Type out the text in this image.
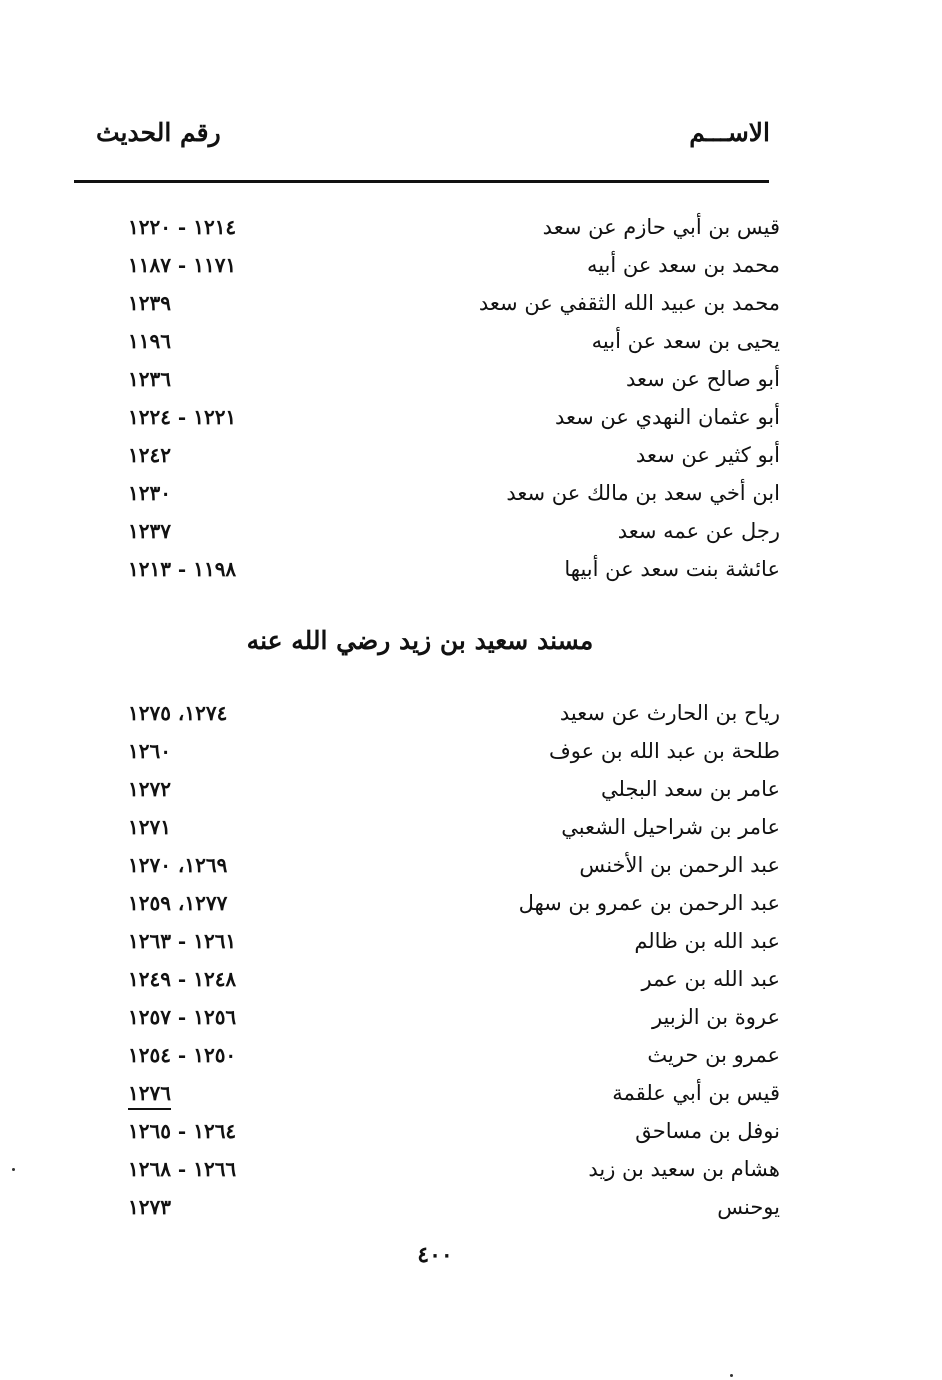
الاســـم
رقم الحديث
قيس بن أبي حازم عن سعد
١٢١٤ - ١٢٢٠
محمد بن سعد عن أبيه
١١٧١ - ١١٨٧
محمد بن عبيد الله الثقفي عن سعد
١٢٣٩
يحيى بن سعد عن أبيه
١١٩٦
أبو صالح عن سعد
١٢٣٦
أبو عثمان النهدي عن سعد
١٢٢١ - ١٢٢٤
أبو كثير عن سعد
١٢٤٢
ابن أخي سعد بن مالك عن سعد
١٢٣٠
رجل عن عمه سعد
١٢٣٧
عائشة بنت سعد عن أبيها
١١٩٨ - ١٢١٣
مسند سعيد بن زيد رضي الله عنه
رياح بن الحارث عن سعيد
١٢٧٤، ١٢٧٥
طلحة بن عبد الله بن عوف
١٢٦٠
عامر بن سعد البجلي
١٢٧٢
عامر بن شراحيل الشعبي
١٢٧١
عبد الرحمن بن الأخنس
١٢٦٩، ١٢٧٠
عبد الرحمن بن عمرو بن سهل
١٢٧٧، ١٢٥٩
عبد الله بن ظالم
١٢٦١ - ١٢٦٣
عبد الله بن عمر
١٢٤٨ - ١٢٤٩
عروة بن الزبير
١٢٥٦ - ١٢٥٧
عمرو بن حريث
١٢٥٠ - ١٢٥٤
قيس بن أبي علقمة
١٢٧٦
نوفل بن مساحق
١٢٦٤ - ١٢٦٥
هشام بن سعيد بن زيد
١٢٦٦ - ١٢٦٨
يوحنس
١٢٧٣
٤٠٠
